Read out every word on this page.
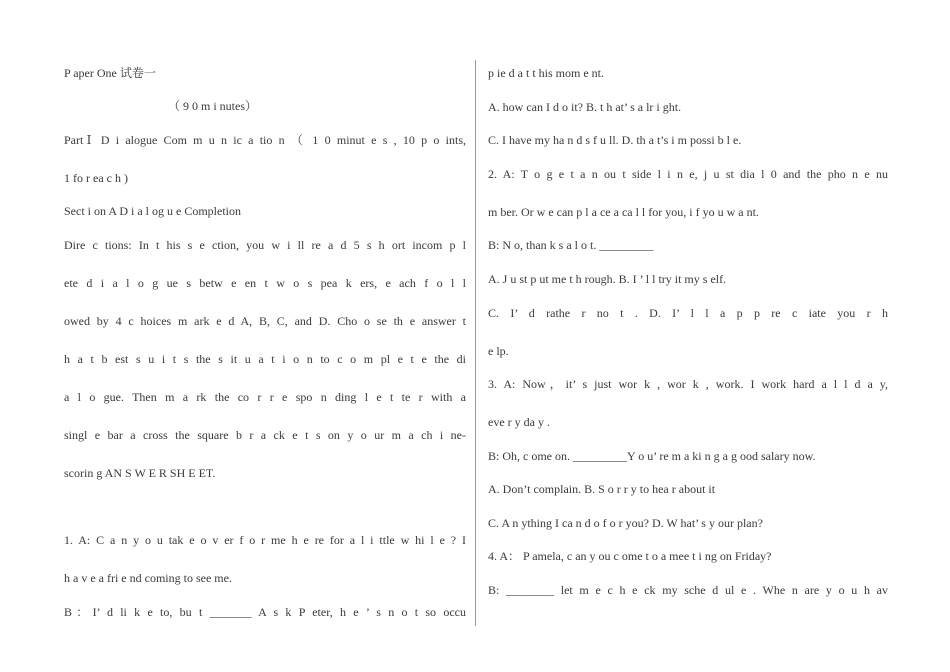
P aper One 试卷一
（ 9 0 m i nutes）
PartⅠ D i alogue Com m u n ic a tio n （ 1 0 minut e s , 10 p o ints,
1 fo r ea c h )
Sect i on A D i a l og u e Completion
Dire c tions: In t his s e ction, you w i ll re a d 5 s h ort incom p l
ete d i a l o g ue s betw e en t w o s pea k ers, e ach f o l l
owed by 4 c hoices m ark e d A, B, C, and D. Cho o se th e answer t
h a t b est s u i t s the s it u a t i o n to c o m pl e t e the di
a l o gue. Then m a rk the co r r e spo n ding l e t te r with a
singl e bar a cross the square b r a ck e t s on y o ur m a ch i ne-
scorin g AN S W E R SH E ET.
1. A: C a n y o u tak e o v er f o r me h e re for a l i ttle w hi l e ? I
h a v e a fri e nd coming to see me.
B：I’ d li k e to, bu t _______ A s k P eter, h e ’ s n o t so occu
p ie d a t t his mom e nt.
A. how can I d o it? B. t h at’ s a lr i ght.
C. I have my ha n d s f u ll. D. th a t’s i m possi b l e.
2. A: T o g e t a n ou t side l i n e, j u st dia l 0 and the pho n e nu
m ber. Or w e can p l a ce a ca l l for you, i f yo u w a nt.
B: N o, than k s a l o t. _________
A. J u st p ut me t h rough. B. I ’ l l try it my s elf.
C. I’ d rathe r no t . D. I’ l l a p p re c iate you r h
e lp.
3. A: Now，it’ s just wor k , wor k , work. I work hard a l l d a y,
eve r y da y .
B: Oh, c ome on. _________Y o u’ re m a ki n g a g ood salary now.
A. Don’t complain. B. S o r r y to hea r about it
C. A n ything I ca n d o f o r you? D. W hat’ s y our plan?
4. A： P amela, c an y ou c ome t o a mee t i ng on Friday?
B: ________ let m e c h e ck my sche d ul e . Whe n are y o u h av
